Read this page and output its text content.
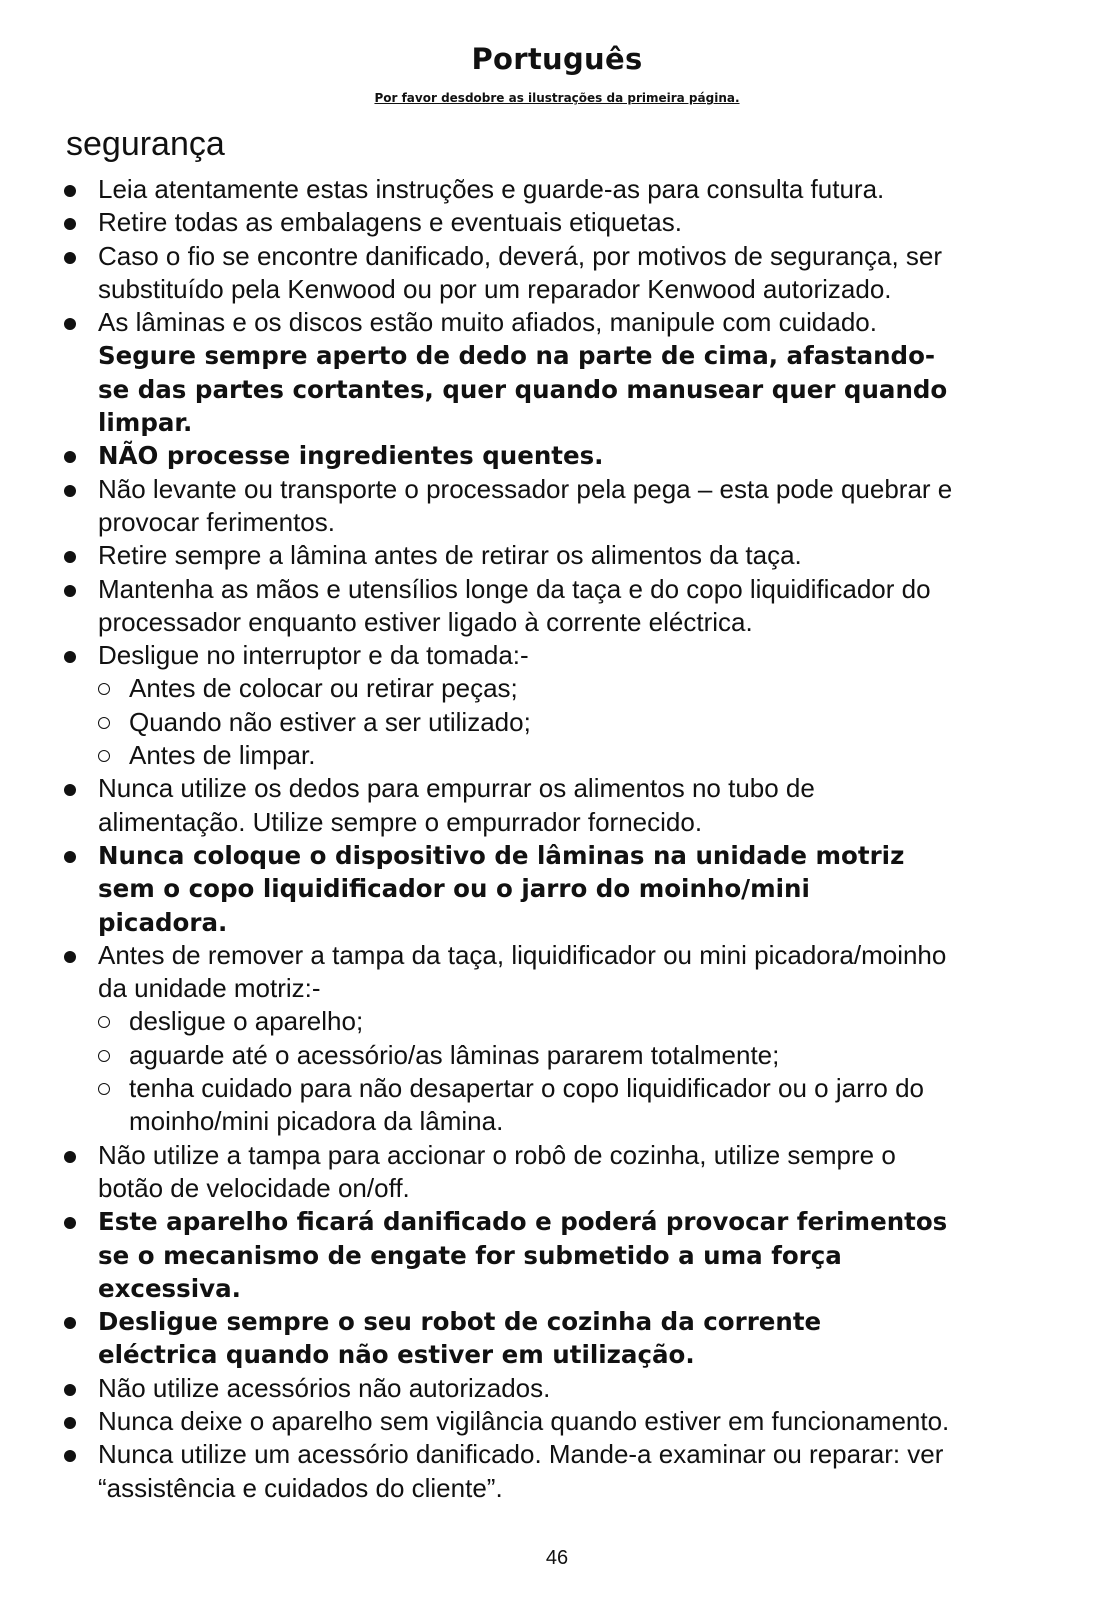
Português
Por favor desdobre as ilustrações da primeira página.
segurança
Leia atentamente estas instruções e guarde-as para consulta futura.
Retire todas as embalagens e eventuais etiquetas.
Caso o fio se encontre danificado, deverá, por motivos de segurança, ser
substituído pela Kenwood ou por um reparador Kenwood autorizado.
As lâminas e os discos estão muito afiados, manipule com cuidado.
Segure sempre aperto de dedo na parte de cima, afastando-
se das partes cortantes, quer quando manusear quer quando
limpar.
NÃO processe ingredientes quentes.
Não levante ou transporte o processador pela pega – esta pode quebrar e
provocar ferimentos.
Retire sempre a lâmina antes de retirar os alimentos da taça.
Mantenha as mãos e utensílios longe da taça e do copo liquidificador do
processador enquanto estiver ligado à corrente eléctrica.
Desligue no interruptor e da tomada:-
Antes de colocar ou retirar peças;
Quando não estiver a ser utilizado;
Antes de limpar.
Nunca utilize os dedos para empurrar os alimentos no tubo de
alimentação. Utilize sempre o empurrador fornecido.
Nunca coloque o dispositivo de lâminas na unidade motriz
sem o copo liquidificador ou o jarro do moinho/mini
picadora.
Antes de remover a tampa da taça, liquidificador ou mini picadora/moinho
da unidade motriz:-
desligue o aparelho;
aguarde até o acessório/as lâminas pararem totalmente;
tenha cuidado para não desapertar o copo liquidificador ou o jarro do
moinho/mini picadora da lâmina.
Não utilize a tampa para accionar o robô de cozinha, utilize sempre o
botão de velocidade on/off.
Este aparelho ficará danificado e poderá provocar ferimentos
se o mecanismo de engate for submetido a uma força
excessiva.
Desligue sempre o seu robot de cozinha da corrente
eléctrica quando não estiver em utilização.
Não utilize acessórios não autorizados.
Nunca deixe o aparelho sem vigilância quando estiver em funcionamento.
Nunca utilize um acessório danificado. Mande-a examinar ou reparar: ver
“assistência e cuidados do cliente”.
46
